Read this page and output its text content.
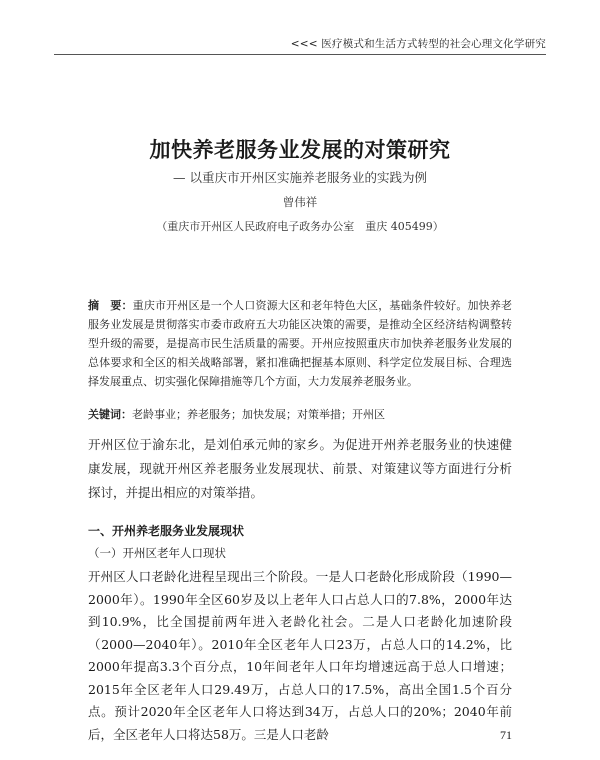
<<< 医疗模式和生活方式转型的社会心理文化学研究
加快养老服务业发展的对策研究
— 以重庆市开州区实施养老服务业的实践为例
曾伟祥
（重庆市开州区人民政府电子政务办公室　重庆 405499）
摘　要：重庆市开州区是一个人口资源大区和老年特色大区，基础条件较好。加快养老服务业发展是贯彻落实市委市政府五大功能区决策的需要，是推动全区经济结构调整转型升级的需要，是提高市民生活质量的需要。开州应按照重庆市加快养老服务业发展的总体要求和全区的相关战略部署，紧扣准确把握基本原则、科学定位发展目标、合理选择发展重点、切实强化保障措施等几个方面，大力发展养老服务业。
关键词：老龄事业；养老服务；加快发展；对策举措；开州区
开州区位于渝东北，是刘伯承元帅的家乡。为促进开州养老服务业的快速健康发展，现就开州区养老服务业发展现状、前景、对策建议等方面进行分析探讨，并提出相应的对策举措。
一、开州养老服务业发展现状
（一）开州区老年人口现状
开州区人口老龄化进程呈现出三个阶段。一是人口老龄化形成阶段（1990—2000年）。1990年全区60岁及以上老年人口占总人口的7.8%，2000年达到10.9%，比全国提前两年进入老龄化社会。二是人口老龄化加速阶段（2000—2040年）。2010年全区老年人口23万，占总人口的14.2%，比2000年提高3.3个百分点，10年间老年人口年均增速远高于总人口增速；2015年全区老年人口29.49万，占总人口的17.5%，高出全国1.5个百分点。预计2020年全区老年人口将达到34万，占总人口的20%；2040年前后，全区老年人口将达58万。三是人口老龄	71
